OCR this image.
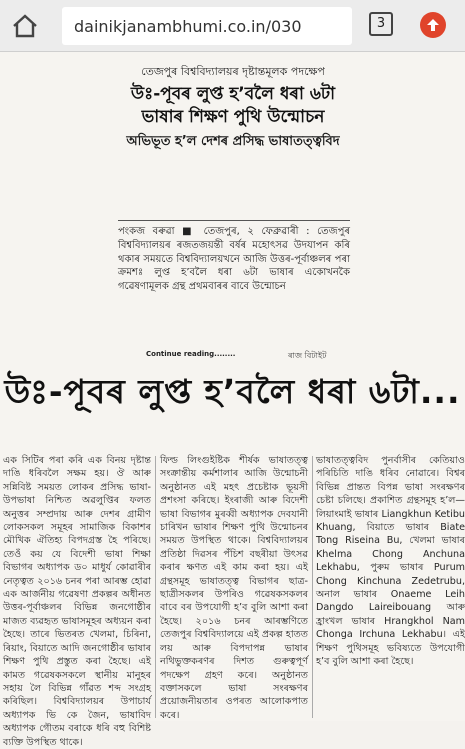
dainikjanambhumi.co.in/030	3
তেজপুৰ বিশ্ববিদ্যালয়ৰ দৃষ্টান্তমূলক পদক্ষেপ
উঃ-পূবৰ লুপ্ত হ’বলৈ ধৰা ৬টা ভাষাৰ শিক্ষণ পুথি উন্মোচন
অভিভূত হ’ল দেশৰ প্ৰসিদ্ধ ভাষাতত্ত্ববিদ
পংকজ বৰুৱা ■ তেজপুৰ, ২ ফেব্ৰুৱাৰী : তেজপুৰ বিশ্ববিদ্যালয়ৰ ৰজতজয়ন্তী বৰ্ষৰ মহোৎসৱ উদযাপন কৰি থকাৰ সময়তে বিশ্ববিদ্যালয়খনে আজি উত্তৰ-পূৰ্বাঞ্চলৰ পৰা ক্ৰমশঃ লুপ্ত হ’বলৈ ধৰা ৬টা ভাষাৰ একোখনকৈ গৱেষণামূলক গ্ৰন্থ প্ৰথমবাৰৰ বাবে উন্মোচন
Continue reading........	ৰাজ বিটাইট
উঃ-পূবৰ লুপ্ত হ’বলৈ ধৰা ৬টা...
এক সিটিৰ পৰা কৰি এক বিনয় দৃষ্টান্ত দাঙি ধৰিবলৈ সক্ষম হয়। ঔ আৰু সন্নিবিষ্ট সময়ত লোকৰ প্ৰসিদ্ধ ভাষা-উপভাষা নিশ্চিত অৱলুপ্তিৰ ফলত অনুত্তৰ সম্প্ৰদায় আৰু দেশৰ গ্ৰামীণ লোকসকল সমূহৰ সামাজিক বিকাশৰ মৌখিক ঐতিহ্য বিপদগ্ৰস্ত হৈ পৰিছে। তেওঁ কয় যে বিদেশী ভাষা শিক্ষা বিভাগৰ অধ্যাপক ড০ মাধুৰ্য কোৱাৰীৰ নেতৃত্বত ২০১৬ চনৰ পৰা আৰম্ভ হোৱা এক আৰ্জনীয় গৱেষণা প্ৰকল্পৰ অধীনত উত্তৰ-পূৰ্বাঞ্চলৰ বিভিন্ন জনগোষ্ঠীৰ মাজত ব্যৱহৃত ভাষাসমূহৰ অধ্যয়ন কৰা হৈছে। তাৰে ভিতৰত খেলমা, চিৰিনা, ৰিয়াং, বিয়াতে আদি জনগোষ্ঠীৰ ভাষাৰ শিক্ষণ পুথি প্ৰস্তুত কৰা হৈছে। এই কামত গৱেষকসকলে স্থানীয় মানুহৰ সহায় লৈ বিভিন্ন গাঁৱত শব্দ সংগ্ৰহ কৰিছিল। বিশ্ববিদ্যালয়ৰ উপাচাৰ্য অধ্যাপক ভি কে জৈন, ভাষাবিদ অধ্যাপক গৌতম বৰাকে ধৰি বহু বিশিষ্ট ব্যক্তি উপস্থিত থাকে।
ফিল্ড লিংগুইষ্টিক শীৰ্ষক ভাষাতত্ত্ব সংক্ৰান্তীয় কৰ্মশালাৰ আজি উন্মোচনী অনুষ্ঠানত এই মহৎ প্ৰচেষ্টাক ভূয়সী প্ৰশংসা কৰিছে। ইংৰাজী আৰু বিদেশী ভাষা বিভাগৰ মুৰব্বী অধ্যাপক দেবযানী চাৰিখন ভাষাৰ শিক্ষণ পুথি উন্মোচনৰ সময়ত উপস্থিত থাকে। বিশ্ববিদ্যালয়ৰ প্ৰতিষ্ঠা দিৱসৰ পঁচিশ বছৰীয়া উৎসৱ কৰাৰ ক্ষণত এই কাম কৰা হয়। এই গ্ৰন্থসমূহ ভাষাতত্ত্ব বিভাগৰ ছাত্ৰ-ছাত্ৰীসকলৰ উপৰিও গৱেষকসকলৰ বাবে বৰ উপযোগী হ’ব বুলি আশা কৰা হৈছে। ২০১৬ চনৰ আৰম্ভণিতে তেজপুৰ বিশ্ববিদ্যালয়ে এই প্ৰকল্প হাতত লয় আৰু বিপদাপন্ন ভাষাৰ নথিভুক্তকৰণৰ দিশত গুৰুত্বপূৰ্ণ পদক্ষেপ গ্ৰহণ কৰে। অনুষ্ঠানত বক্তাসকলে ভাষা সংৰক্ষণৰ প্ৰয়োজনীয়তাৰ ওপৰত আলোকপাত কৰে।
ভাষাতত্ত্ববিদ পুনৰ্বাসীৰ কেতিয়াও পৰিচিতি দাঙি ধৰিব নোৱাৰে। বিশ্বৰ বিভিন্ন প্ৰান্তত বিপন্ন ভাষা সংৰক্ষণৰ চেষ্টা চলিছে। প্ৰকাশিত গ্ৰন্থসমূহ হ’ল— লিয়াংমাই ভাষাৰ Liangkhun Ketibu Khuang, বিয়াতে ভাষাৰ Biate Tong Riseina Bu, খেলমা ভাষাৰ Khelma Chong Anchuna Lekhabu, পুৰুম ভাষাৰ Purum Chong Kinchuna Zedetrubu, অনাল ভাষাৰ Onaeme Leih Dangdo Laireibouang আৰু হ্ৰাংখল ভাষাৰ Hrangkhol Nam Chonga Irchuna Lekhabu। এই শিক্ষণ পুথিসমূহ ভবিষ্যতে উপযোগী হ’ব বুলি আশা কৰা হৈছে।
